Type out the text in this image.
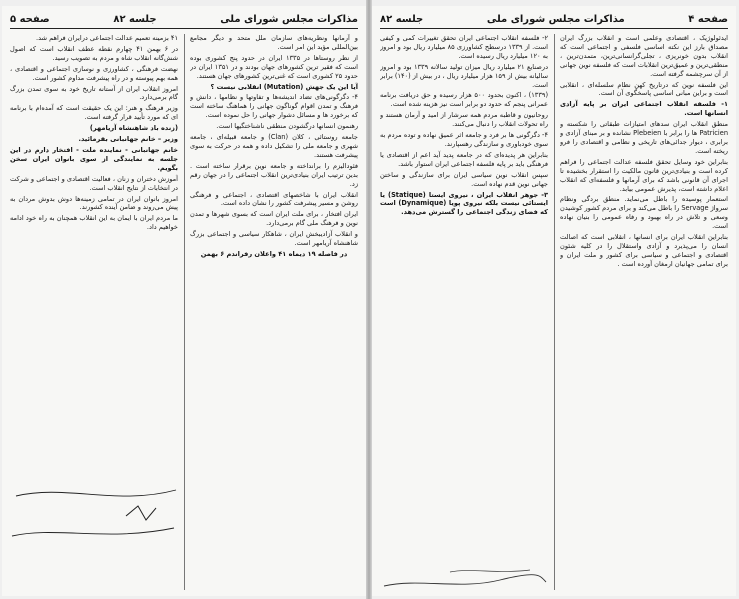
صفحه ۴
مذاکرات مجلس شورای ملی
جلسه ۸۲

ایدئولوژیک ، اقتصادی وعلمی است و انقلاب بزرگ ایران مصداق بارز این نکته اساسی فلسفی و اجتماعی است که انقلاب بدون خونریزی ، تجلی‌گرانسانی‌ترین، متمدن‌ترین ، منطقی‌ترین و عمیق‌ترین انقلابات است که فلسفه نوین جهانی از آن سرچشمه گرفته است.

این فلسفه نوین که درتاریخ کهن نظام سلسله‌ای ، انقلابی است و براین مبانی اساسی پاسخگوی آن است.

۱- فلسفه انقلاب اجتماعی ایران بر پایه آزادی انسانها است.

منطق انقلاب ایران سدهای امتیازات طبقاتی را شکسته و Patricien ها را برابر با Plebeien نشانده و بر مبنای آزادی و برابری ، دیوار جدائی‌های تاریخی و نظامی و اقتصادی را فرو ریخته است.

بنابراین خود وسایل تحقق فلسفه عدالت اجتماعی را فراهم کرده است و بنیادی‌ترین قانون مالکیت را استقرار بخشیده تا اجرای آن قانونی باشد که برای آرمانها و فلسفه‌ای که انقلاب اعلام داشته است، پذیرش عمومی بیابد.

استعمار پوسیده را باطل می‌نماید. منطق بردگی ونظام سرواژ Servage را باطل می‌کند و برای مردم کشور کوشیدن وسعی و تلاش در راه بهبود و رفاه عمومی را بنیان نهاده است.

بنابراین انقلاب ایران برای انسانها ، انقلابی است که اصالت انسان را می‌پذیرد و آزادی واستقلال را در کلیه شئون اقتصادی و اجتماعی و سیاسی برای کشور و ملت ایران و برای تمامی جهانیان ارمغان آورده است .

۲- فلسفه انقلاب اجتماعی ایران تحقق تغییرات کمی و کیفی است. از ۱۳۳۹ درسطح کشاورزی ۸۵ میلیارد ریال بود و امروز به ۱۲۰ میلیارد ریال رسیده است.

درصنایع ۲۱ میلیارد ریال میزان تولید سالانه ۱۳۳۹ بود و امروز سالیانه بیش از ۱۵۹ هزار میلیارد ریال ، در بیش از (۱۴۰) برابر است.

(۱۳۳۹) ، اکنون بحدود ۵۰۰ هزار رسیده و حق دریافت برنامه عمرانی پنجم که حدود دو برابر است نیز هزینه شده است.

روحانیون و قاطبه مردم همه سرشار از امید و آرمان هستند و راه تحولات انقلاب را دنبال می‌کنند.

۴- دگرگونی ها بر فرد و جامعه اثر عمیق نهاده و توده مردم به سوی خودباوری و سازندگی رهسپارند.

بنابراین هر پدیده‌ای که در جامعه پدید آید اعم از اقتصادی یا فرهنگی باید بر پایه فلسفه اجتماعی ایران استوار باشد.

سپس انقلاب نوین سیاسی ایران برای سازندگی و ساختن جهانی نوین قدم نهاده است.

۳- جوهر انقلاب ایران ، نیروی ایستا (Statique) یا ایستائی نیست بلکه نیروی پویا (Dynamique) است که فضای زندگی اجتماعی را گسترش می‌دهد.

مذاکرات مجلس شورای ملی
جلسه ۸۲
صفحه ۵

و آرمانها ونظریه‌های سازمان ملل متحد و دیگر مجامع بین‌المللی مؤید این امر است.

از نظر روستاها در ۱۳۳۵ ایران در حدود پنج کشوری بوده است که فقیر ترین کشورهای جهان بودند و در ۱۳۵۱ ایران در حدود ۲۵ کشوری است که غنی‌ترین کشورهای جهان هستند.

آیا این یک جهش (Mutation) انقلابی نیست ؟

۴- دگرگونی‌های تضاد اندیشه‌ها و تفاوتها و نظامها ، دانش و فرهنگ و تمدن اقوام گوناگون جهانی را هماهنگ ساخته است که برخورد ها و مسائل دشوار جهانی را حل نموده است.

رهنمون انسانها درگشودن منطقی ناشناختگیها است.

جامعه روستائی ، کلان (Clan) و جامعه قبیله‌ای ، جامعه شهری و جامعه ملی را تشکیل داده و همه در حرکت به سوی پیشرفت هستند.

فئودالیزم را برانداخته و جامعه نوین برقرار ساخته است . بدین ترتیب ایران بنیادی‌ترین انقلاب اجتماعی را در جهان رقم زد.

انقلاب ایران با شاخصهای اقتصادی ، اجتماعی و فرهنگی روشن و مسیر پیشرفت کشور را نشان داده است.

ایران افتخار ، برای ملت ایران است که بسوی شهرها و تمدن نوین و فرهنگ ملی گام برمی‌دارد.

و انقلاب آزادیبخش ایران ، شاهکار سیاسی و اجتماعی بزرگ شاهنشاه آریامهر است.

در فاصله ۱۹ دیماه ۴۱ واعلان رفراندم ۶ بهمن

۴۱ بزمینه تعمیم عدالت اجتماعی درایران فراهم شد.

در ۶ بهمن ۴۱ چهارم نقطه عطف انقلاب است که اصول شش‌گانه انقلاب شاه و مردم به تصویب رسید.

نهضت فرهنگی ، کشاورزی و نوسازی اجتماعی و اقتصادی ، همه بهم پیوسته و در راه پیشرفت مداوم کشور است.

امروز انقلاب ایران از آستانه تاریخ خود به سوی تمدن بزرگ گام برمی‌دارد.

وزیر فرهنگ و هنر: این یک حقیقت است که آمده‌ام با برنامه ای که مورد تأیید قرار گرفته است.

(زنده باد شاهنشاه آریامهر)

وزیر‌ – خانم جهانبانی بفرمائید.

خانم جهانبانی - نماینده ملت - افتخار دارم در این جلسه به نمایندگی از سوی بانوان ایران سخن بگویم.

آموزش دختران و زنان ، فعالیت اقتصادی و اجتماعی و شرکت در انتخابات از نتایج انقلاب است.

امروز بانوان ایران در تمامی زمینه‌ها دوش بدوش مردان به پیش می‌روند و ضامن آینده کشورند.

ما مردم ایران با ایمان به این انقلاب همچنان به راه خود ادامه خواهیم داد.
